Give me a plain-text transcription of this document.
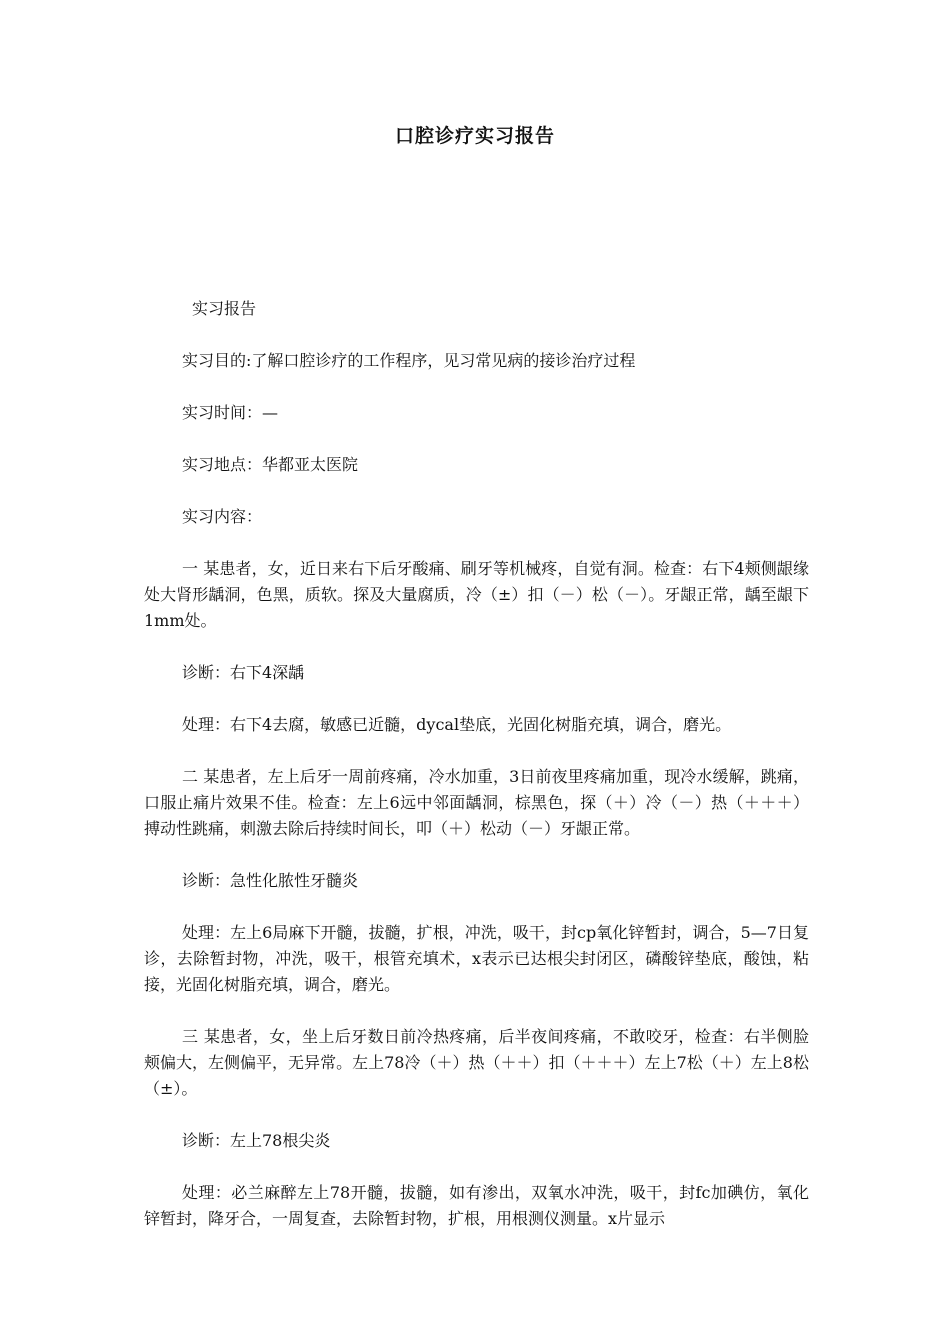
口腔诊疗实习报告

实习报告

实习目的:了解口腔诊疗的工作程序，见习常见病的接诊治疗过程

实习时间：—

实习地点：华都亚太医院

实习内容：

一 某患者，女，近日来右下后牙酸痛、刷牙等机械疼，自觉有洞。检查：右下4颊侧龈缘处大肾形龋洞，色黑，质软。探及大量腐质，冷（±）扣（－）松（－）。牙龈正常，龋至龈下1mm处。

诊断：右下4深龋

处理：右下4去腐，敏感已近髓，dycal垫底，光固化树脂充填，调合，磨光。

二 某患者，左上后牙一周前疼痛，冷水加重，3日前夜里疼痛加重，现冷水缓解，跳痛，口服止痛片效果不佳。检查：左上6远中邻面龋洞，棕黑色，探（＋）冷（－）热（＋＋＋）搏动性跳痛，刺激去除后持续时间长，叩（＋）松动（－）牙龈正常。

诊断：急性化脓性牙髓炎

处理：左上6局麻下开髓，拔髓，扩根，冲洗，吸干，封cp氧化锌暂封，调合，5—7日复诊，去除暂封物，冲洗，吸干，根管充填术，x表示已达根尖封闭区，磷酸锌垫底，酸蚀，粘接，光固化树脂充填，调合，磨光。

三 某患者，女，坐上后牙数日前冷热疼痛，后半夜间疼痛，不敢咬牙，检查：右半侧脸颊偏大，左侧偏平，无异常。左上78冷（＋）热（＋＋）扣（＋＋＋）左上7松（＋）左上8松（±）。

诊断：左上78根尖炎

处理：必兰麻醉左上78开髓，拔髓，如有渗出，双氧水冲洗，吸干，封fc加碘仿，氧化锌暂封，降牙合，一周复查，去除暂封物，扩根，用根测仪测量。x片显示
